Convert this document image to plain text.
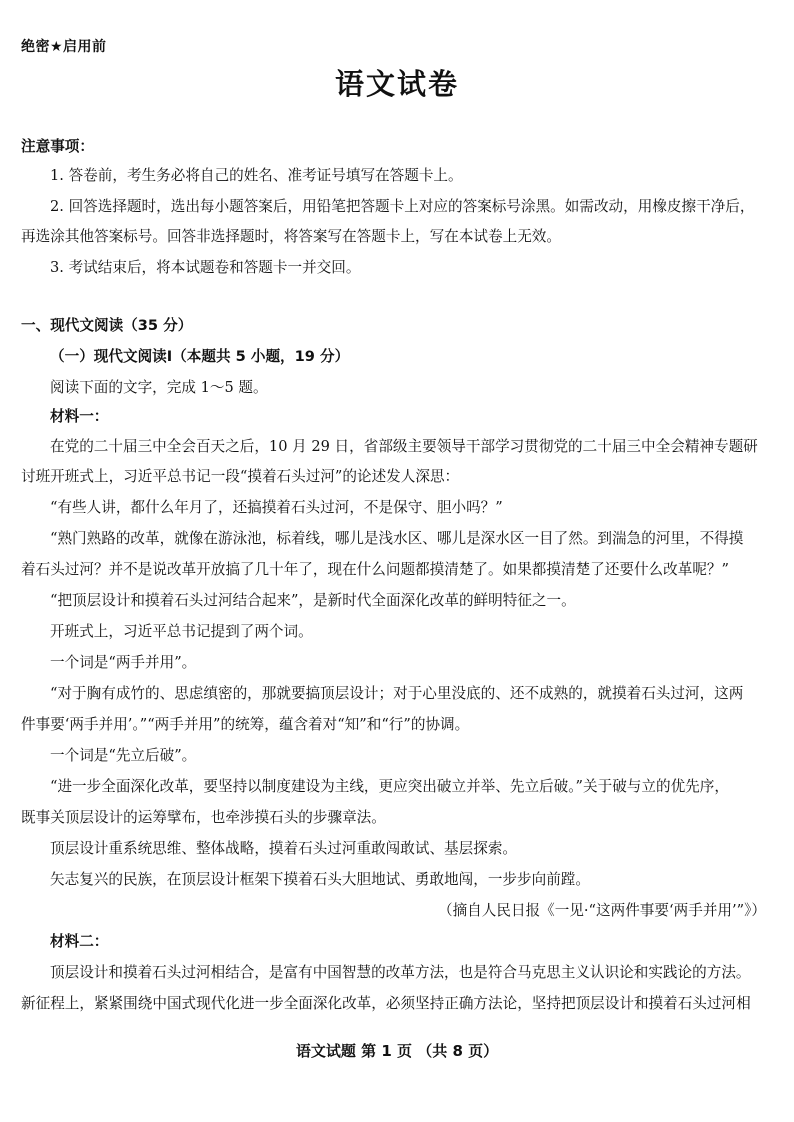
绝密★启用前
语文试卷
注意事项：
1. 答卷前，考生务必将自己的姓名、准考证号填写在答题卡上。
2. 回答选择题时，选出每小题答案后，用铅笔把答题卡上对应的答案标号涂黑。如需改动，用橡皮擦干净后，
再选涂其他答案标号。回答非选择题时，将答案写在答题卡上，写在本试卷上无效。
3. 考试结束后，将本试题卷和答题卡一并交回。
一、现代文阅读（35 分）
（一）现代文阅读Ⅰ（本题共 5 小题，19 分）
阅读下面的文字，完成 1～5 题。
材料一：
在党的二十届三中全会百天之后，10 月 29 日，省部级主要领导干部学习贯彻党的二十届三中全会精神专题研
讨班开班式上，习近平总书记一段“摸着石头过河”的论述发人深思：
“有些人讲，都什么年月了，还搞摸着石头过河，不是保守、胆小吗？”
“熟门熟路的改革，就像在游泳池，标着线，哪儿是浅水区、哪儿是深水区一目了然。到湍急的河里，不得摸
着石头过河？并不是说改革开放搞了几十年了，现在什么问题都摸清楚了。如果都摸清楚了还要什么改革呢？”
“把顶层设计和摸着石头过河结合起来”，是新时代全面深化改革的鲜明特征之一。
开班式上，习近平总书记提到了两个词。
一个词是“两手并用”。
“对于胸有成竹的、思虑缜密的，那就要搞顶层设计；对于心里没底的、还不成熟的，就摸着石头过河，这两
件事要‘两手并用’。”“两手并用”的统筹，蕴含着对“知”和“行”的协调。
一个词是“先立后破”。
“进一步全面深化改革，要坚持以制度建设为主线，更应突出破立并举、先立后破。”关于破与立的优先序，
既事关顶层设计的运筹擘布，也牵涉摸石头的步骤章法。
顶层设计重系统思维、整体战略，摸着石头过河重敢闯敢试、基层探索。
矢志复兴的民族，在顶层设计框架下摸着石头大胆地试、勇敢地闯，一步步向前蹚。
（摘自人民日报《一见·“这两件事要‘两手并用’”》）
材料二：
顶层设计和摸着石头过河相结合，是富有中国智慧的改革方法，也是符合马克思主义认识论和实践论的方法。
新征程上，紧紧围绕中国式现代化进一步全面深化改革，必须坚持正确方法论，坚持把顶层设计和摸着石头过河相
语文试题 第 1 页 （共 8 页）
